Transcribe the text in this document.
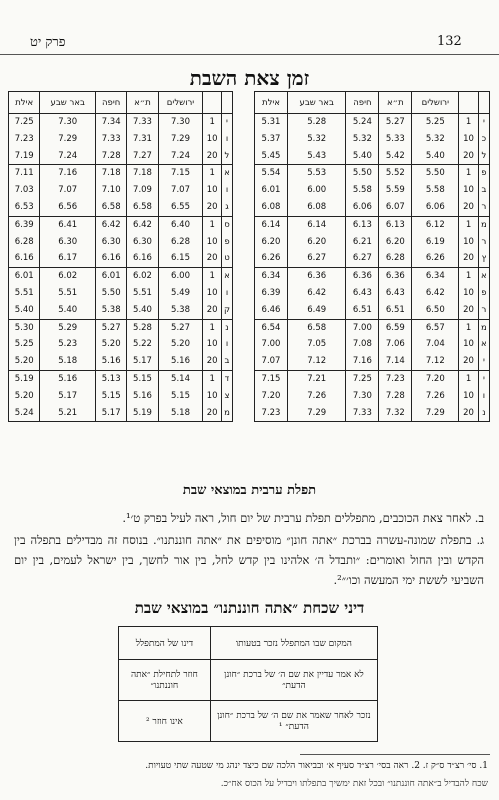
פרק יט	132
זמן צאת השבת
		ירושלים	ת״א	חיפה	באר שבע	אילת
י	1	5.25	5.27	5.24	5.28	5.31
כ	10	5.32	5.33	5.32	5.32	5.37
ל	20	5.40	5.42	5.40	5.43	5.45
פ	1	5.50	5.52	5.50	5.53	5.54
ב	10	5.58	5.59	5.58	6.00	6.01
ר	20	6.06	6.07	6.06	6.08	6.08
מ	1	6.12	6.13	6.13	6.14	6.14
ר	10	6.19	6.20	6.21	6.20	6.20
ץ	20	6.26	6.28	6.27	6.27	6.26
א	1	6.34	6.36	6.36	6.36	6.34
פ	10	6.42	6.43	6.43	6.42	6.39
ר	20	6.50	6.51	6.51	6.49	6.46
מ	1	6.57	6.59	7.00	6.58	6.54
א	10	7.04	7.06	7.08	7.05	7.00
י	20	7.12	7.14	7.16	7.12	7.07
י	1	7.20	7.23	7.25	7.21	7.15
ו	10	7.26	7.28	7.30	7.26	7.20
נ	20	7.29	7.32	7.33	7.29	7.23
		ירושלים	ת״א	חיפה	באר שבע	אילת
י	1	7.30	7.33	7.34	7.30	7.25
ו	10	7.29	7.31	7.33	7.29	7.23
ל	20	7.24	7.27	7.28	7.24	7.19
א	1	7.15	7.18	7.18	7.16	7.11
ו	10	7.07	7.09	7.10	7.07	7.03
ג	20	6.55	6.58	6.58	6.56	6.53
ס	1	6.40	6.42	6.42	6.41	6.39
פ	10	6.28	6.30	6.30	6.30	6.28
ט	20	6.15	6.16	6.16	6.17	6.16
א	1	6.00	6.02	6.01	6.02	6.01
ו	10	5.49	5.51	5.50	5.51	5.51
ק	20	5.38	5.40	5.38	5.40	5.40
נ	1	5.27	5.28	5.27	5.29	5.30
ו	10	5.20	5.22	5.20	5.23	5.25
ב	20	5.16	5.17	5.16	5.18	5.20
ד	1	5.14	5.15	5.13	5.16	5.19
צ	10	5.15	5.16	5.15	5.17	5.20
מ	20	5.18	5.19	5.17	5.21	5.24
תפלת ערבית במוצאי שבת
ב. לאחר צאת הכוכבים, מתפללים תפלת ערבית של יום חול, ראה לעיל בפרק ט׳¹.
ג. בתפלת שמונה-עשרה בברכת ״אתה חונן״ מוסיפים את ״אתה חוננתנו״. בנוסח זה מבדילים בתפלה בין הקדש ובין החול ואומרים: ״ותבדל ה׳ אלהינו בין קדש לחל, בין אור לחשך, בין ישראל לעמים, בין יום השביעי לששת ימי המעשה וכו׳״².
דיני שכחת ״אתה חוננתנו״ במוצאי שבת
המקום שבו המתפלל נזכר בטעותו	דינו של המתפלל
לא אמר עדיין את שם ה׳ של ברכת ״חונן הדעת״	חוזר לתחילת ״אתה חוננתנו״
נזכר לאחר שאמר את שם ה׳ של ברכת ״חונן הדעת״ ¹	אינו חוזר ²
1. סי׳ רצ״ד ס״ק ז. 2. ראה בסי׳ רצ״ד סעיף א׳ ובביאור הלכה שם כיצד ינהג מי שטעה שתי טעויות.
שכח להבדיל ב״אתה חוננתנו״ ובכל זאת ימשיך בתפלתו ויבדיל על הכוס אח״כ.
